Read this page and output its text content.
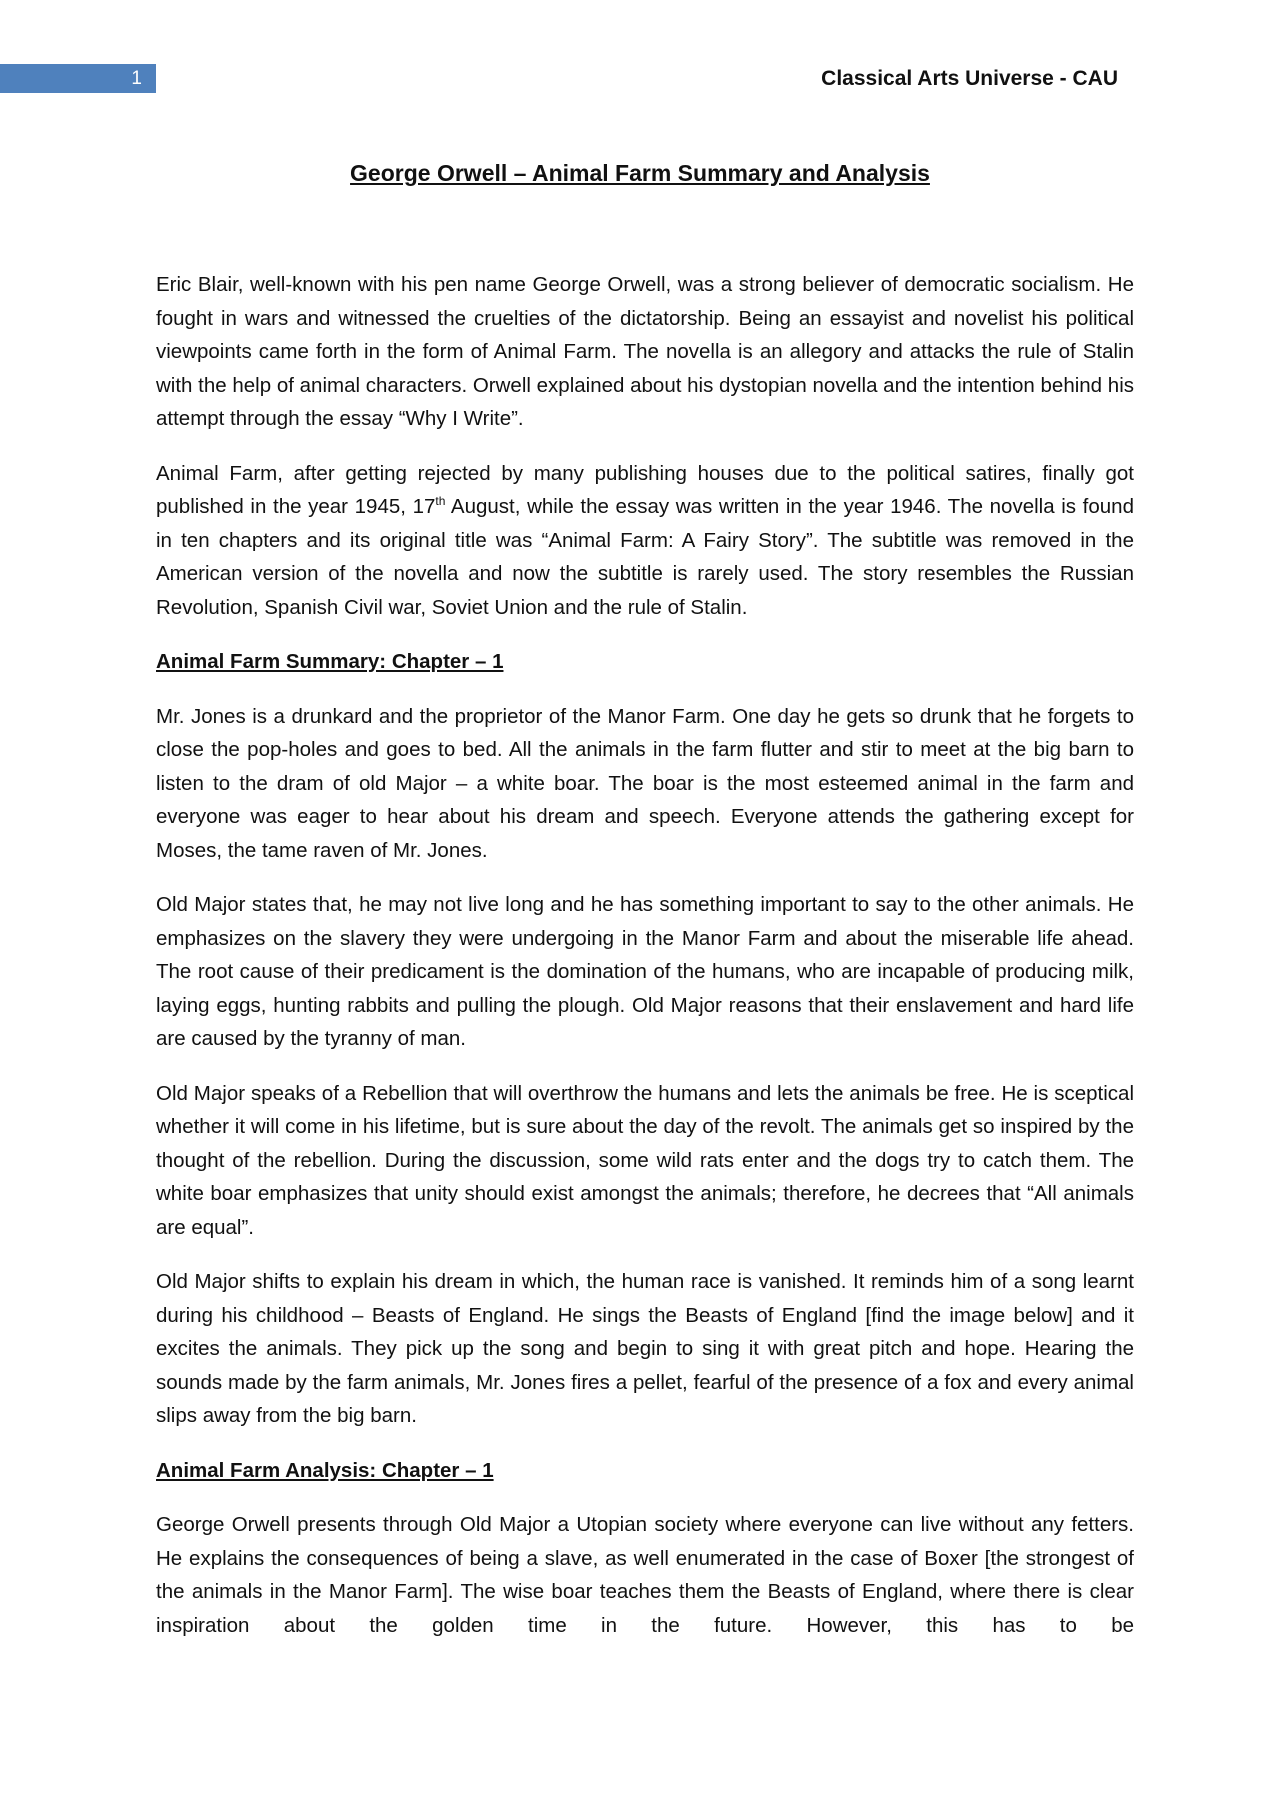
1	Classical Arts Universe - CAU
George Orwell – Animal Farm Summary and Analysis

Eric Blair, well-known with his pen name George Orwell, was a strong believer of democratic socialism. He fought in wars and witnessed the cruelties of the dictatorship. Being an essayist and novelist his political viewpoints came forth in the form of Animal Farm. The novella is an allegory and attacks the rule of Stalin with the help of animal characters. Orwell explained about his dystopian novella and the intention behind his attempt through the essay “Why I Write”.

Animal Farm, after getting rejected by many publishing houses due to the political satires, finally got published in the year 1945, 17th August, while the essay was written in the year 1946. The novella is found in ten chapters and its original title was “Animal Farm: A Fairy Story”. The subtitle was removed in the American version of the novella and now the subtitle is rarely used. The story resembles the Russian Revolution, Spanish Civil war, Soviet Union and the rule of Stalin.

Animal Farm Summary: Chapter – 1

Mr. Jones is a drunkard and the proprietor of the Manor Farm. One day he gets so drunk that he forgets to close the pop-holes and goes to bed. All the animals in the farm flutter and stir to meet at the big barn to listen to the dram of old Major – a white boar. The boar is the most esteemed animal in the farm and everyone was eager to hear about his dream and speech. Everyone attends the gathering except for Moses, the tame raven of Mr. Jones.

Old Major states that, he may not live long and he has something important to say to the other animals. He emphasizes on the slavery they were undergoing in the Manor Farm and about the miserable life ahead. The root cause of their predicament is the domination of the humans, who are incapable of producing milk, laying eggs, hunting rabbits and pulling the plough. Old Major reasons that their enslavement and hard life are caused by the tyranny of man.

Old Major speaks of a Rebellion that will overthrow the humans and lets the animals be free. He is sceptical whether it will come in his lifetime, but is sure about the day of the revolt. The animals get so inspired by the thought of the rebellion. During the discussion, some wild rats enter and the dogs try to catch them. The white boar emphasizes that unity should exist amongst the animals; therefore, he decrees that “All animals are equal”.

Old Major shifts to explain his dream in which, the human race is vanished. It reminds him of a song learnt during his childhood – Beasts of England. He sings the Beasts of England [find the image below] and it excites the animals. They pick up the song and begin to sing it with great pitch and hope. Hearing the sounds made by the farm animals, Mr. Jones fires a pellet, fearful of the presence of a fox and every animal slips away from the big barn.

Animal Farm Analysis: Chapter – 1

George Orwell presents through Old Major a Utopian society where everyone can live without any fetters. He explains the consequences of being a slave, as well enumerated in the case of Boxer [the strongest of the animals in the Manor Farm]. The wise boar teaches them the Beasts of England, where there is clear inspiration about the golden time in the future. However, this has to be
